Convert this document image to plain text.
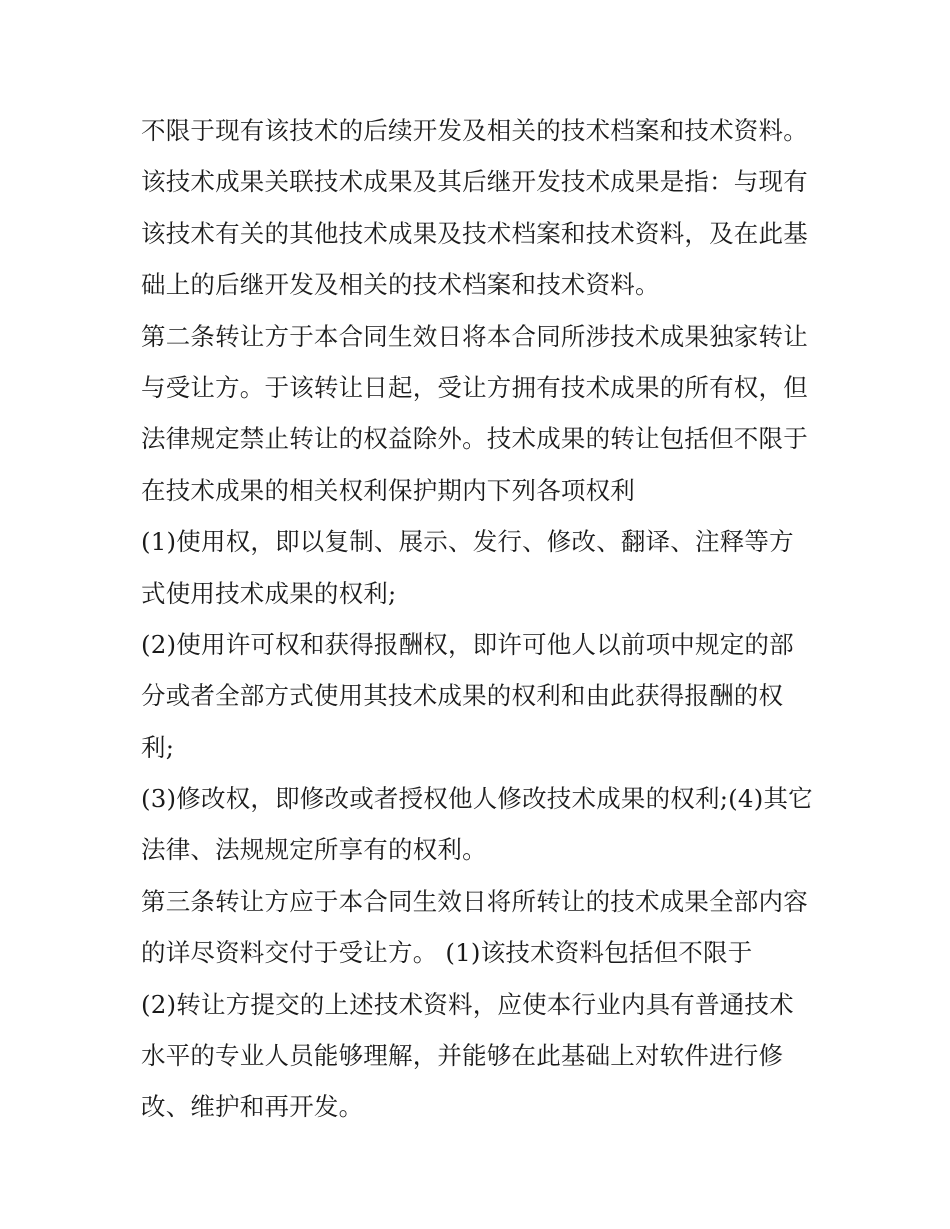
不限于现有该技术的后续开发及相关的技术档案和技术资料。
该技术成果关联技术成果及其后继开发技术成果是指：与现有
该技术有关的其他技术成果及技术档案和技术资料，及在此基
础上的后继开发及相关的技术档案和技术资料。
第二条转让方于本合同生效日将本合同所涉技术成果独家转让
与受让方。于该转让日起，受让方拥有技术成果的所有权，但
法律规定禁止转让的权益除外。技术成果的转让包括但不限于
在技术成果的相关权利保护期内下列各项权利
(1)使用权，即以复制、展示、发行、修改、翻译、注释等方
式使用技术成果的权利;
(2)使用许可权和获得报酬权，即许可他人以前项中规定的部
分或者全部方式使用其技术成果的权利和由此获得报酬的权
利;
(3)修改权，即修改或者授权他人修改技术成果的权利;(4)其它
法律、法规规定所享有的权利。
第三条转让方应于本合同生效日将所转让的技术成果全部内容
的详尽资料交付于受让方。 (1)该技术资料包括但不限于
(2)转让方提交的上述技术资料，应使本行业内具有普通技术
水平的专业人员能够理解，并能够在此基础上对软件进行修
改、维护和再开发。
